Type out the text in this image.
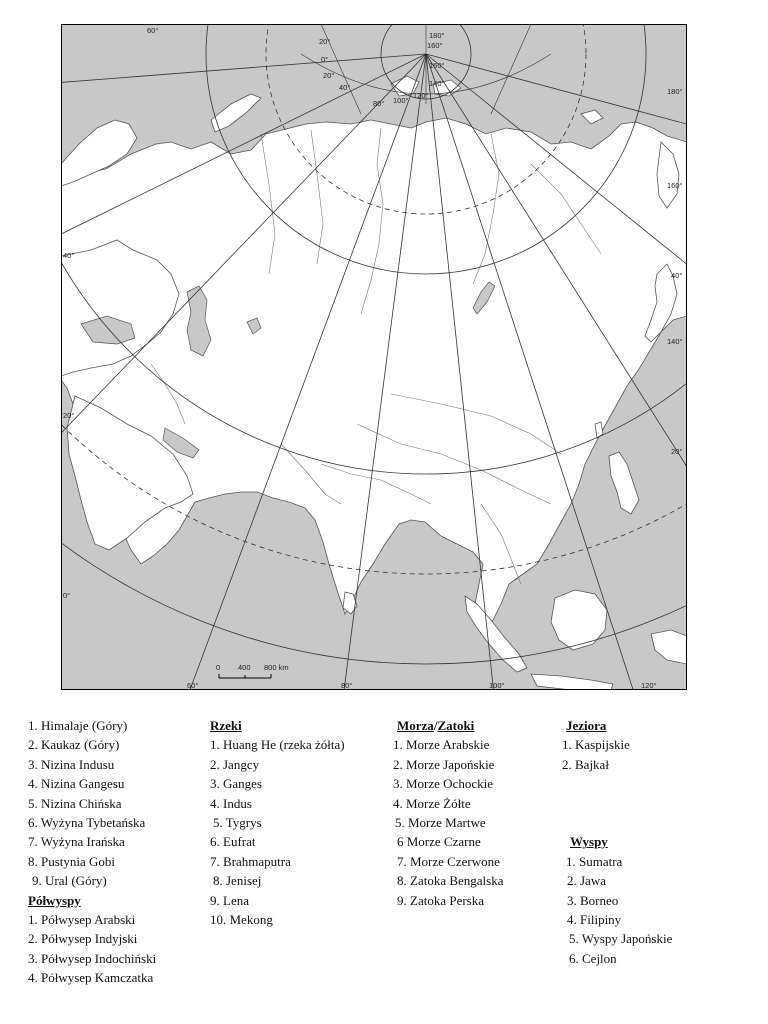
0 400 800 km
60°
80° 100°
120°
60°	80°	100°	120°
140°
160°
180°
160°
20°
0°
20°
40°	180°
160°
140°
40°
20°
0°
40°
20°
1. Himalaje (Góry)
2. Kaukaz (Góry)
3. Nizina Indusu
4. Nizina Gangesu
5. Nizina Chińska
6. Wyżyna Tybetańska
7. Wyżyna Irańska
8. Pustynia Gobi
9. Ural (Góry)
Półwyspy
1. Półwysep Arabski
2. Półwysep Indyjski
3. Półwysep Indochiński
4. Półwysep Kamczatka
Rzeki
1. Huang He (rzeka żółta)
2. Jangcy
3. Ganges
4. Indus
5. Tygrys
6. Eufrat
7. Brahmaputra
8. Jenisej
9. Lena
10. Mekong
Morza/Zatoki
1. Morze Arabskie
2. Morze Japońskie
3. Morze Ochockie
4. Morze Żółte
5. Morze Martwe
6 Morze Czarne
7. Morze Czerwone
8. Zatoka Bengalska
9. Zatoka Perska
Jeziora
1. Kaspijskie
2. Bajkał
Wyspy
1. Sumatra
2. Jawa
3. Borneo
4. Filipiny
5. Wyspy Japońskie
6. Cejlon
